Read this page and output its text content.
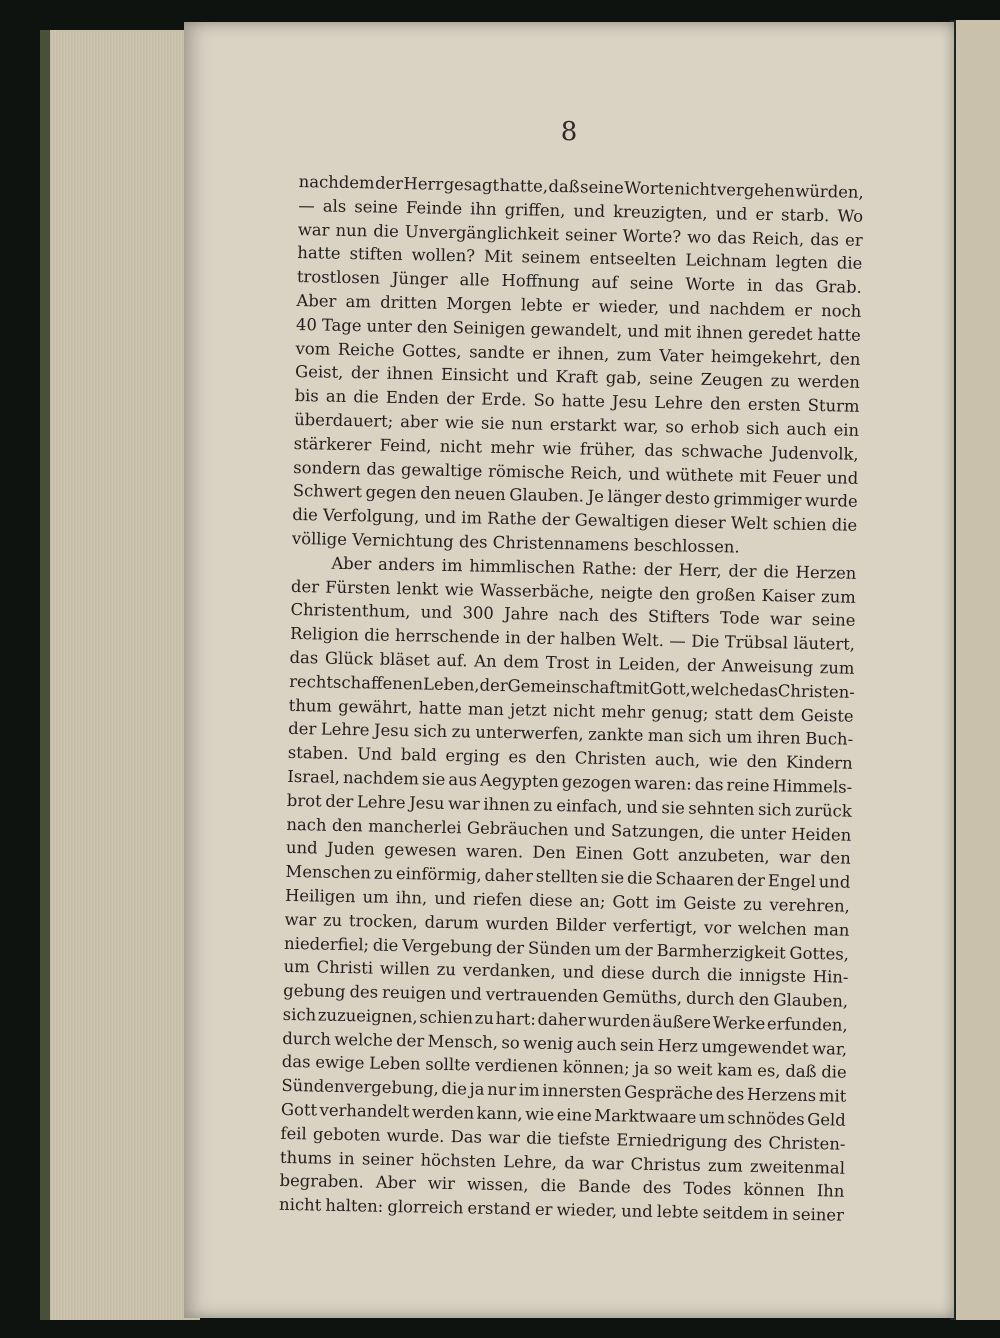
8
nachdem der Herr gesagt hatte, daß seine Worte nicht vergehen würden,
— als seine Feinde ihn griffen, und kreuzigten, und er starb. Wo
war nun die Unvergänglichkeit seiner Worte? wo das Reich, das er
hatte stiften wollen? Mit seinem entseelten Leichnam legten die
trostlosen Jünger alle Hoffnung auf seine Worte in das Grab.
Aber am dritten Morgen lebte er wieder, und nachdem er noch
40 Tage unter den Seinigen gewandelt, und mit ihnen geredet hatte
vom Reiche Gottes, sandte er ihnen, zum Vater heimgekehrt, den
Geist, der ihnen Einsicht und Kraft gab, seine Zeugen zu werden
bis an die Enden der Erde. So hatte Jesu Lehre den ersten Sturm
überdauert; aber wie sie nun erstarkt war, so erhob sich auch ein
stärkerer Feind, nicht mehr wie früher, das schwache Judenvolk,
sondern das gewaltige römische Reich, und wüthete mit Feuer und
Schwert gegen den neuen Glauben. Je länger desto grimmiger wurde
die Verfolgung, und im Rathe der Gewaltigen dieser Welt schien die
völlige Vernichtung des Christennamens beschlossen.
Aber anders im himmlischen Rathe: der Herr, der die Herzen
der Fürsten lenkt wie Wasserbäche, neigte den großen Kaiser zum
Christenthum, und 300 Jahre nach des Stifters Tode war seine
Religion die herrschende in der halben Welt. — Die Trübsal läutert,
das Glück bläset auf. An dem Trost in Leiden, der Anweisung zum
rechtschaffenen Leben, der Gemeinschaft mit Gott, welche das Christen-
thum gewährt, hatte man jetzt nicht mehr genug; statt dem Geiste
der Lehre Jesu sich zu unterwerfen, zankte man sich um ihren Buch-
staben. Und bald erging es den Christen auch, wie den Kindern
Israel, nachdem sie aus Aegypten gezogen waren: das reine Himmels-
brot der Lehre Jesu war ihnen zu einfach, und sie sehnten sich zurück
nach den mancherlei Gebräuchen und Satzungen, die unter Heiden
und Juden gewesen waren. Den Einen Gott anzubeten, war den
Menschen zu einförmig, daher stellten sie die Schaaren der Engel und
Heiligen um ihn, und riefen diese an; Gott im Geiste zu verehren,
war zu trocken, darum wurden Bilder verfertigt, vor welchen man
niederfiel; die Vergebung der Sünden um der Barmherzigkeit Gottes,
um Christi willen zu verdanken, und diese durch die innigste Hin-
gebung des reuigen und vertrauenden Gemüths, durch den Glauben,
sich zuzueignen, schien zu hart: daher wurden äußere Werke erfunden,
durch welche der Mensch, so wenig auch sein Herz umgewendet war,
das ewige Leben sollte verdienen können; ja so weit kam es, daß die
Sündenvergebung, die ja nur im innersten Gespräche des Herzens mit
Gott verhandelt werden kann, wie eine Marktwaare um schnödes Geld
feil geboten wurde. Das war die tiefste Erniedrigung des Christen-
thums in seiner höchsten Lehre, da war Christus zum zweitenmal
begraben. Aber wir wissen, die Bande des Todes können Ihn
nicht halten: glorreich erstand er wieder, und lebte seitdem in seiner
